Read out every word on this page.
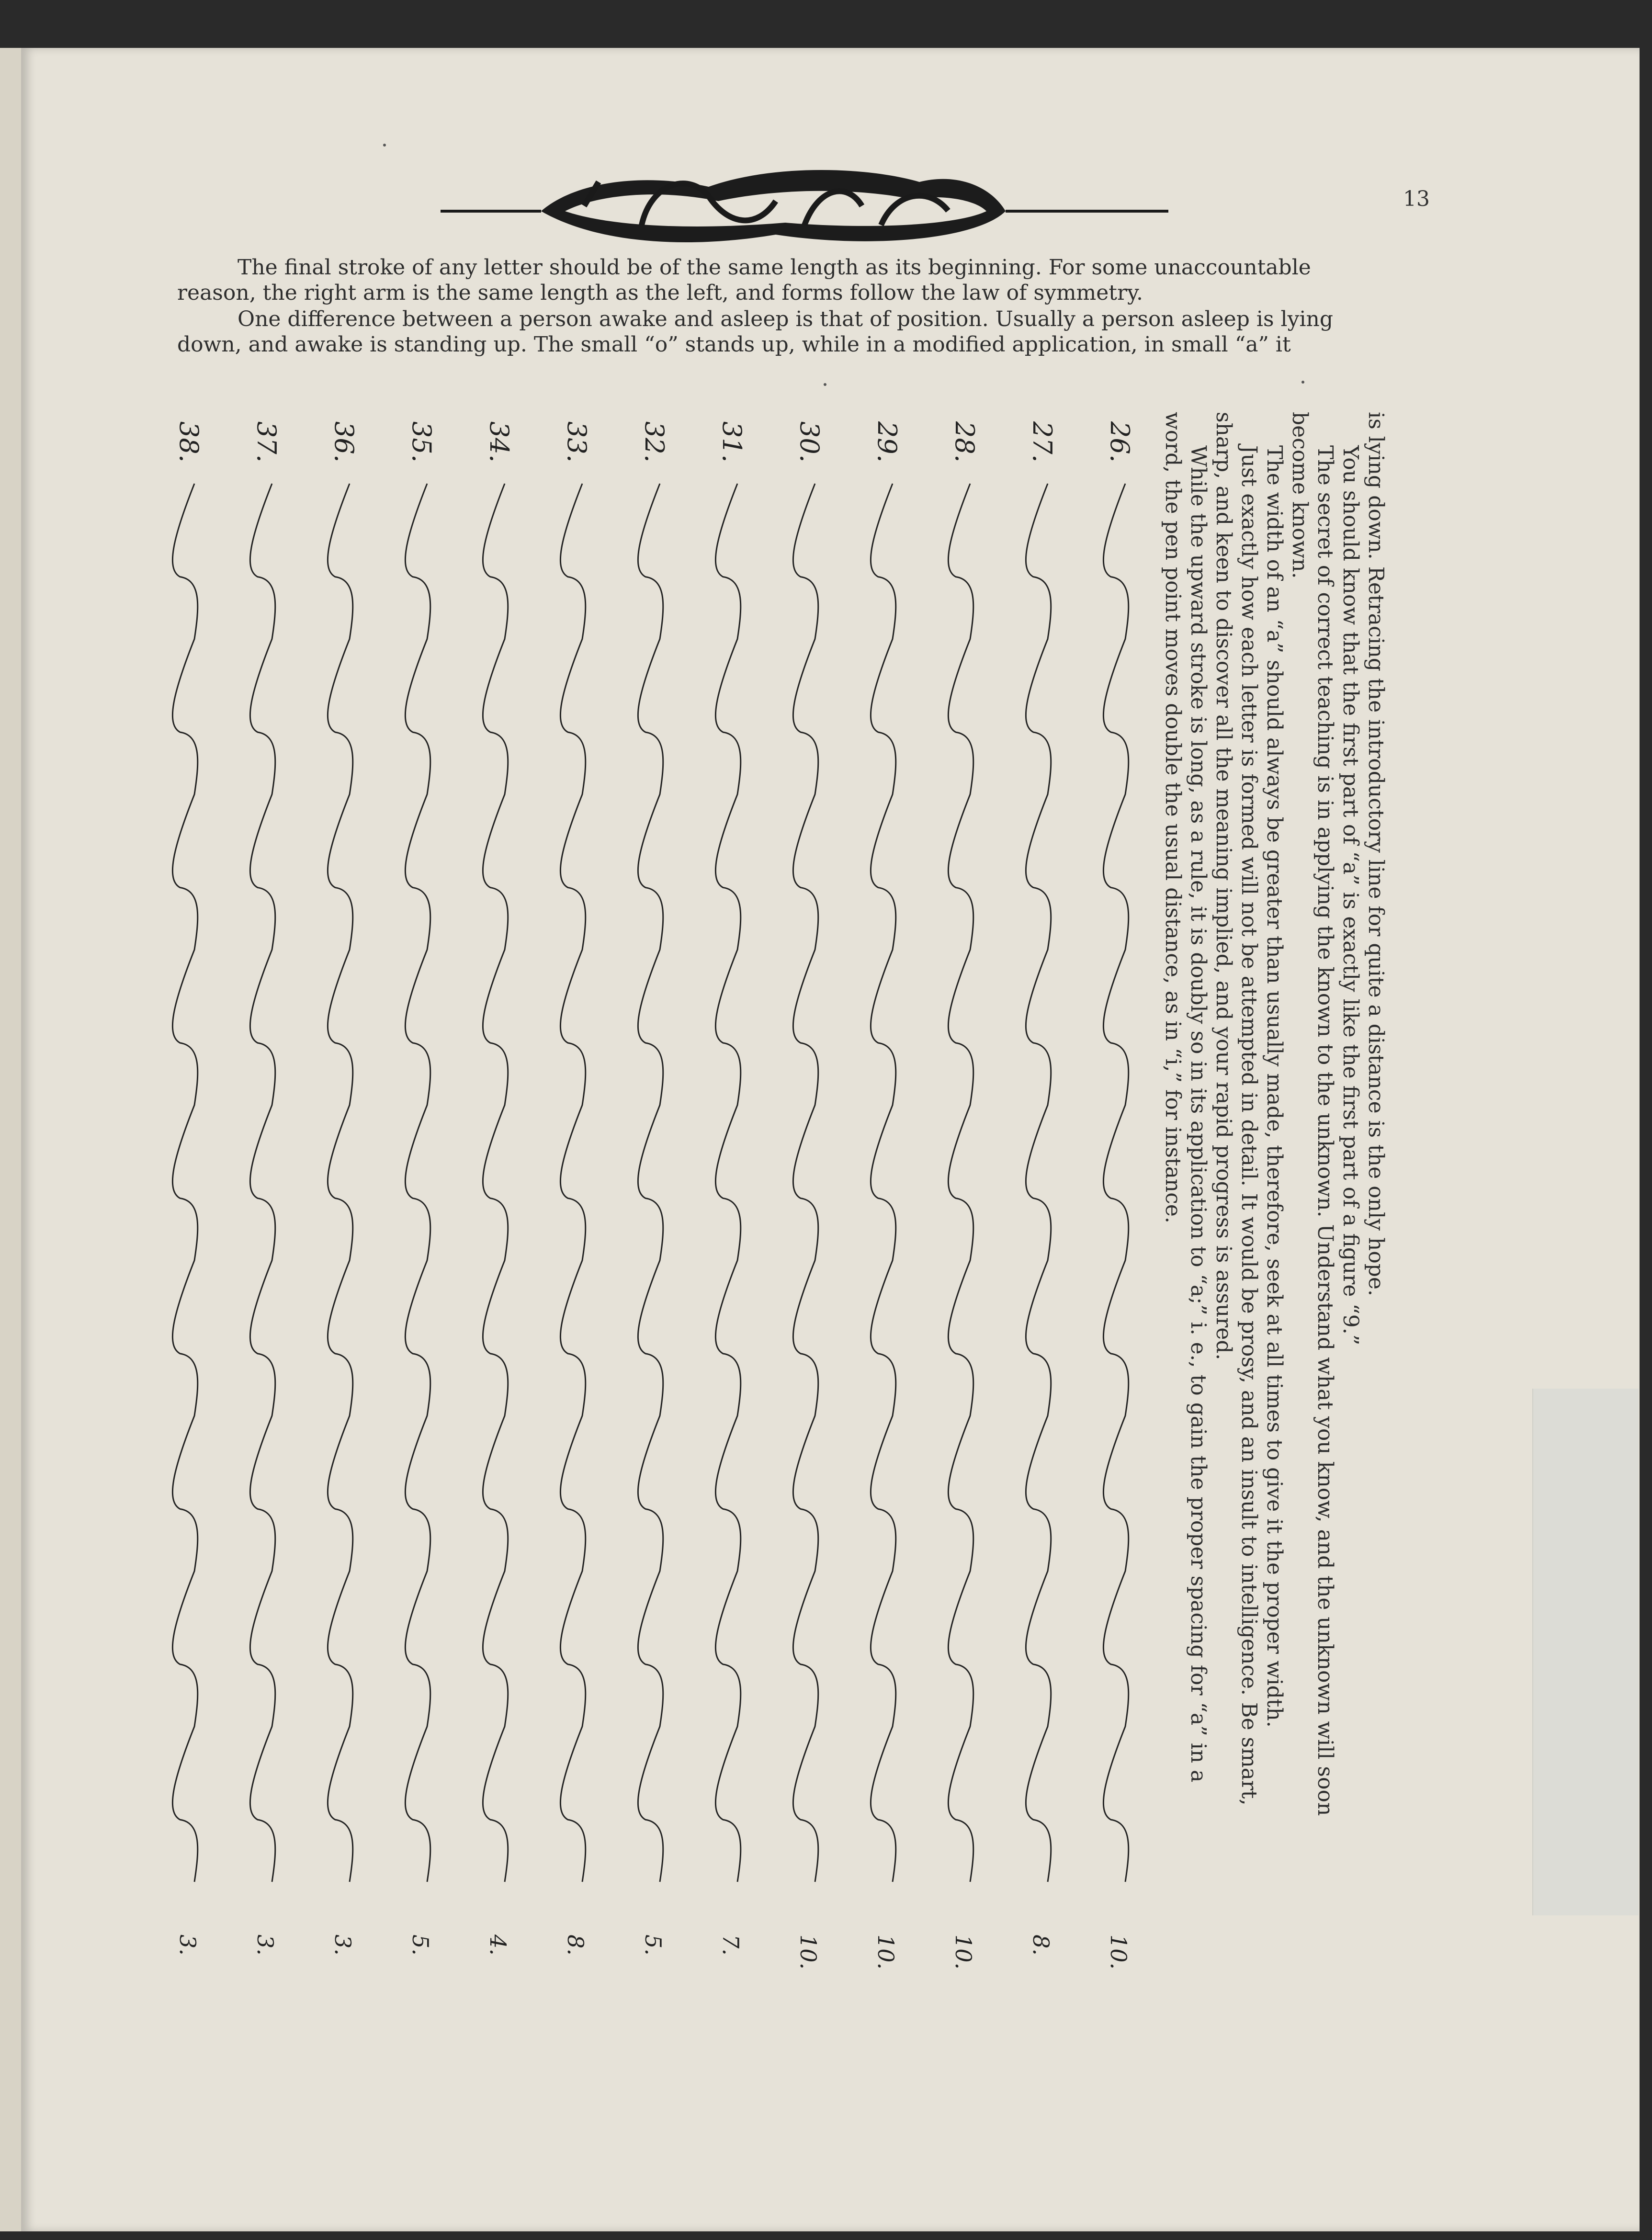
13
The final stroke of any letter should be of the same length as its beginning. For some unaccountable
reason, the right arm is the same length as the left, and forms follow the law of symmetry.
One difference between a person awake and asleep is that of position. Usually a person asleep is lying
down, and awake is standing up. The small “o” stands up, while in a modified application, in small “a” it

is lying down. Retracing the introductory line for quite a distance is the only hope.

You should know that the first part of “a” is exactly like the first part of a figure “9.”

The secret of correct teaching is in applying the known to the unknown. Understand what you know, and the unknown will soon

become known.

The width of an “a” should always be greater than usually made, therefore, seek at all times to give it the proper width.

Just exactly how each letter is formed will not be attempted in detail. It would be prosy, and an insult to intelligence. Be smart,

sharp, and keen to discover all the meaning implied, and your rapid progress is assured.

While the upward stroke is long, as a rule, it is doubly so in its application to “a;” i. e., to gain the proper spacing for “a” in a

word, the pen point moves double the usual distance, as in “i,” for instance.

26.
10.
27.
8.
28.
10.
29.
10.
30.
10.
31.
7.
32.
5.
33.
8.
34.
4.
35.
5.
36.
3.
37.
3.
38.
3.
